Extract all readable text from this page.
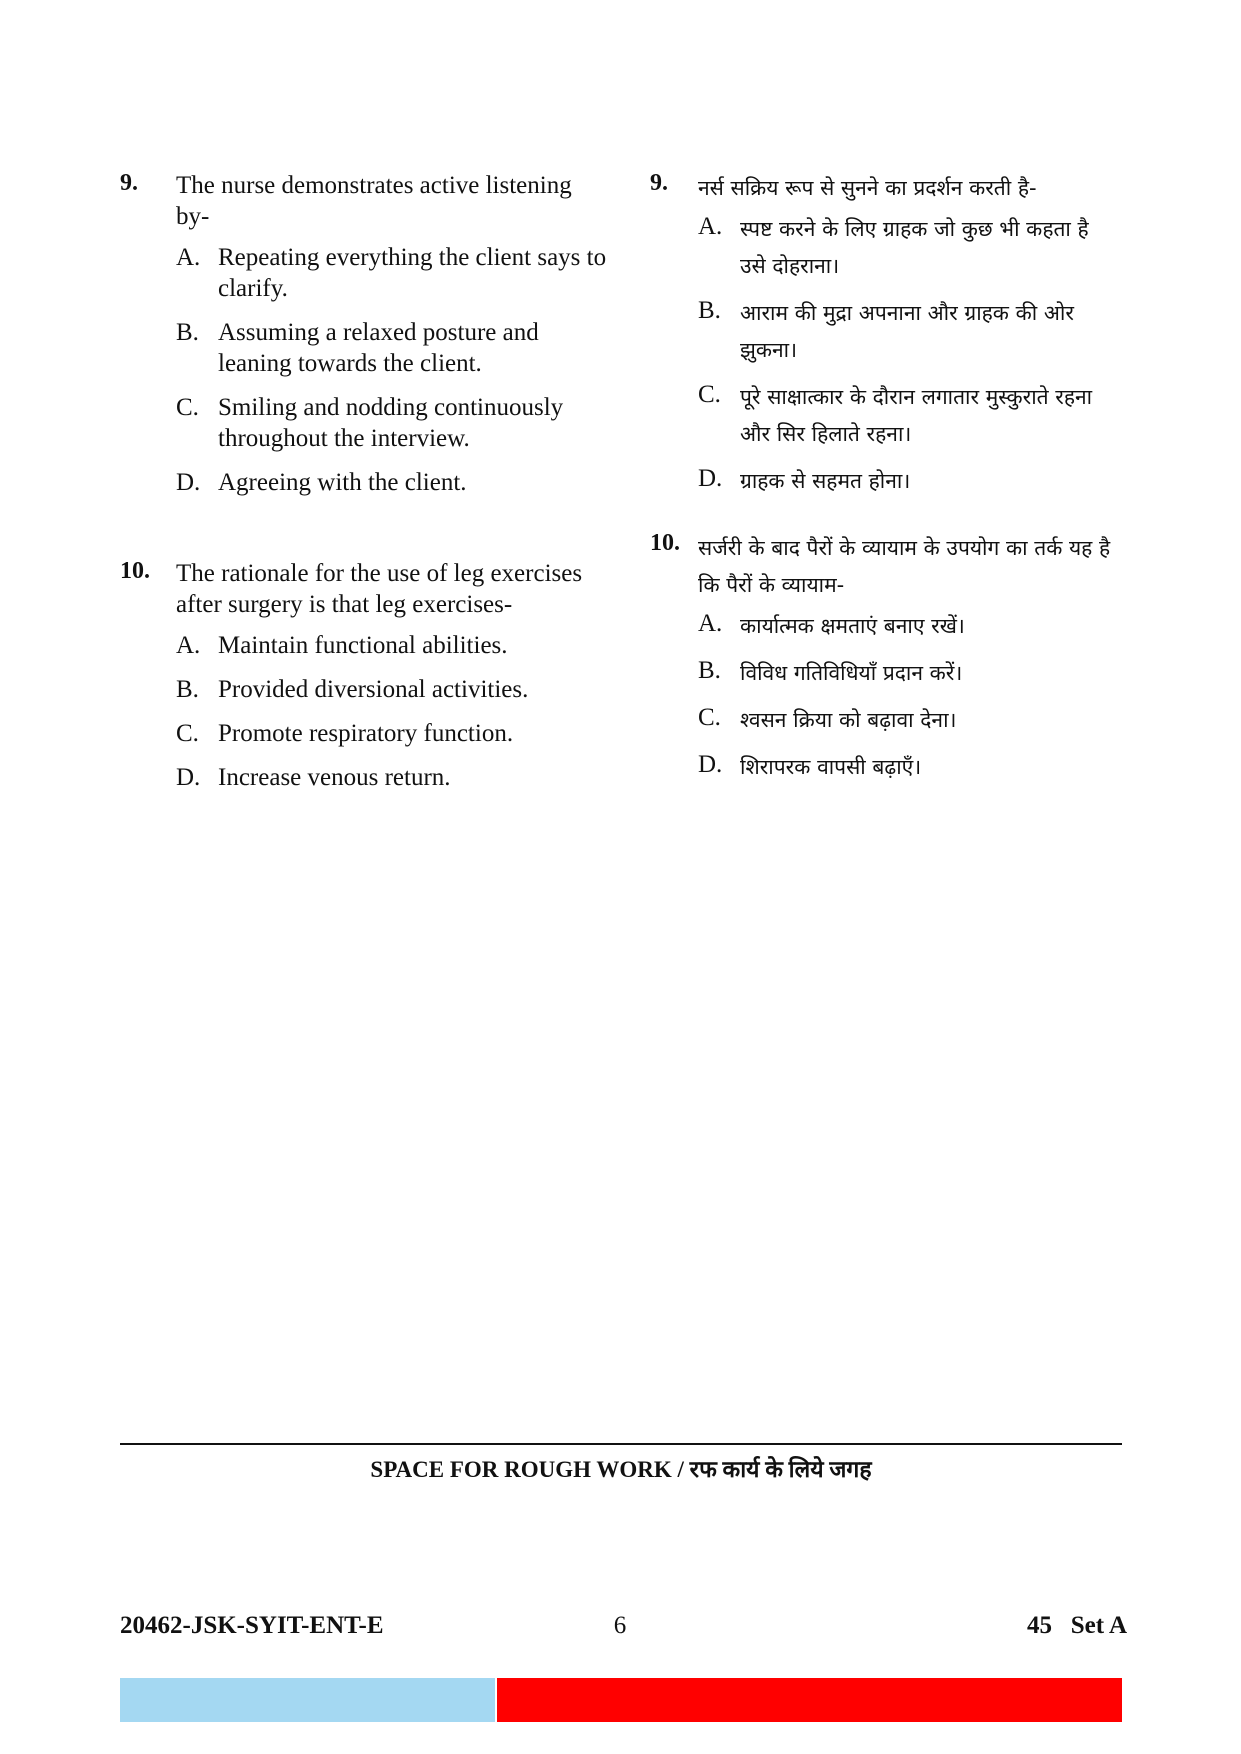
9. The nurse demonstrates active listening by-
A. Repeating everything the client says to clarify.
B. Assuming a relaxed posture and leaning towards the client.
C. Smiling and nodding continuously throughout the interview.
D. Agreeing with the client.
10. The rationale for the use of leg exercises after surgery is that leg exercises-
A. Maintain functional abilities.
B. Provided diversional activities.
C. Promote respiratory function.
D. Increase venous return.
9. नर्स सक्रिय रूप से सुनने का प्रदर्शन करती है-
A. स्पष्ट करने के लिए ग्राहक जो कुछ भी कहता है उसे दोहराना।
B. आराम की मुद्रा अपनाना और ग्राहक की ओर झुकना।
C. पूरे साक्षात्कार के दौरान लगातार मुस्कुराते रहना और सिर हिलाते रहना।
D. ग्राहक से सहमत होना।
10. सर्जरी के बाद पैरों के व्यायाम के उपयोग का तर्क यह है कि पैरों के व्यायाम-
A. कार्यात्मक क्षमताएं बनाए रखें।
B. विविध गतिविधियाँ प्रदान करें।
C. श्वसन क्रिया को बढ़ावा देना।
D. शिरापरक वापसी बढ़ाएँ।
SPACE FOR ROUGH WORK / रफ कार्य के लिये जगह
20462-JSK-SYIT-ENT-E	6	45   Set A
